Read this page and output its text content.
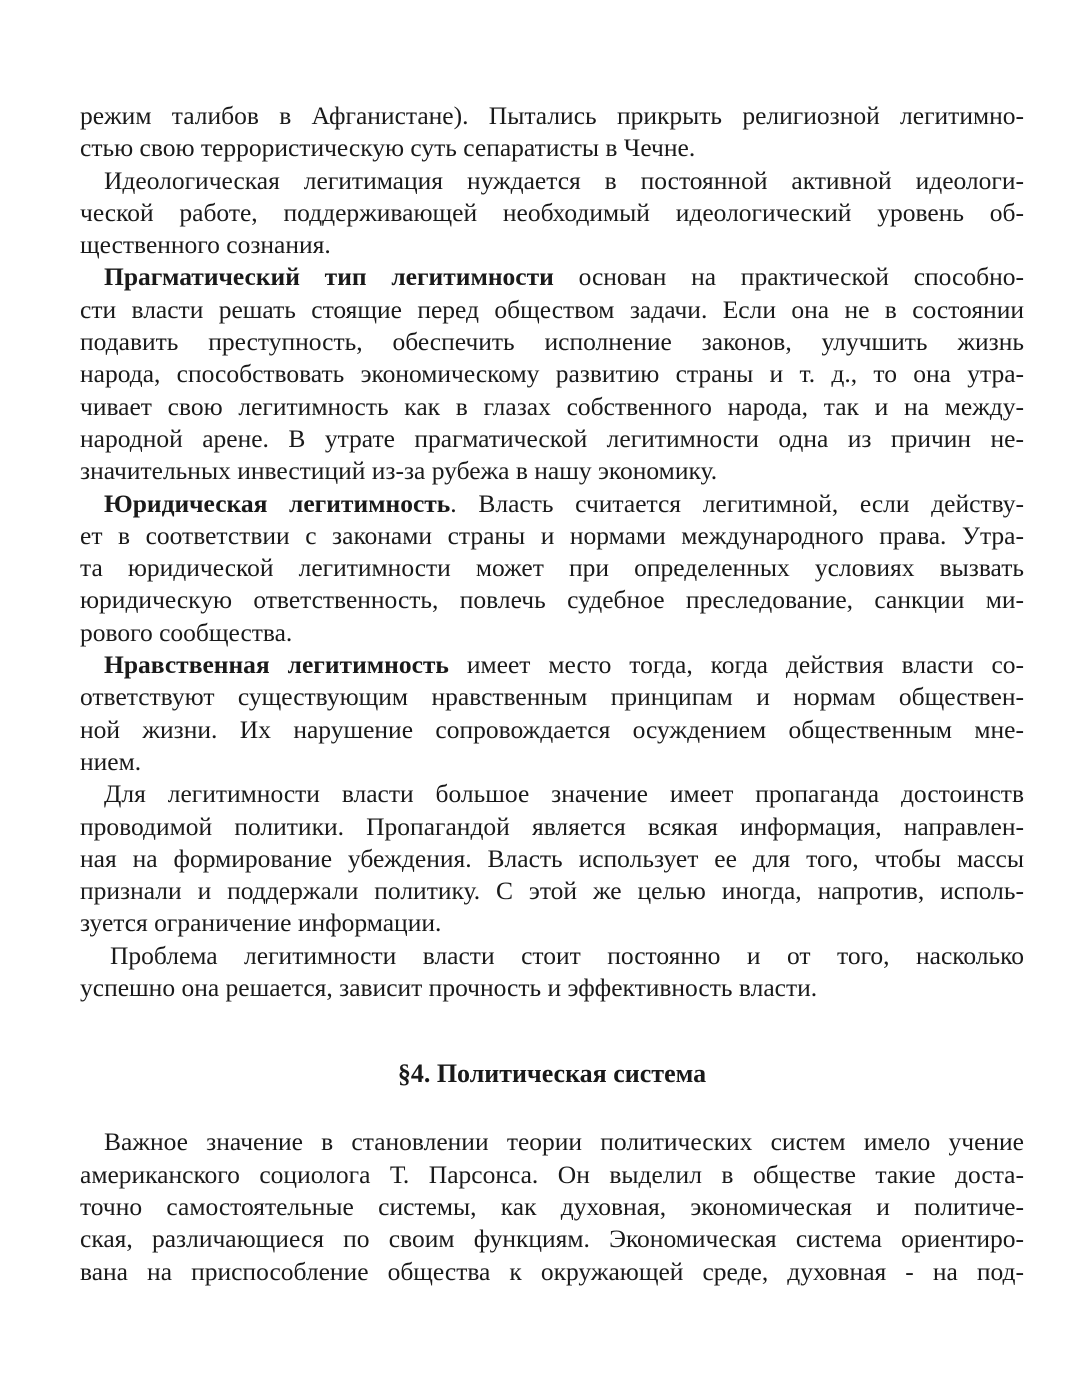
режим талибов в Афганистане). Пытались прикрыть религиозной легитимно-
стью свою террористическую суть сепаратисты в Чечне.
Идеологическая легитимация нуждается в постоянной активной идеологи-
ческой работе, поддерживающей необходимый идеологический уровень об-
щественного сознания.
Прагматический тип легитимности основан на практической способно-
сти власти решать стоящие перед обществом задачи. Если она не в состоянии
подавить преступность, обеспечить исполнение законов, улучшить жизнь
народа, способствовать экономическому развитию страны и т. д., то она утра-
чивает свою легитимность как в глазах собственного народа, так и на между-
народной арене. В утрате прагматической легитимности одна из причин не-
значительных инвестиций из-за рубежа в нашу экономику.
Юридическая легитимность. Власть считается легитимной, если действу-
ет в соответствии с законами страны и нормами международного права. Утра-
та юридической легитимности может при определенных условиях вызвать
юридическую ответственность, повлечь судебное преследование, санкции ми-
рового сообщества.
Нравственная легитимность имеет место тогда, когда действия власти со-
ответствуют существующим нравственным принципам и нормам обществен-
ной жизни. Их нарушение сопровождается осуждением общественным мне-
нием.
Для легитимности власти большое значение имеет пропаганда достоинств
проводимой политики. Пропагандой является всякая информация, направлен-
ная на формирование убеждения. Власть использует ее для того, чтобы массы
признали и поддержали политику. С этой же целью иногда, напротив, исполь-
зуется ограничение информации.
Проблема легитимности власти стоит постоянно и от того, насколько
успешно она решается, зависит прочность и эффективность власти.
§4. Политическая система
Важное значение в становлении теории политических систем имело учение
американского социолога Т. Парсонса. Он выделил в обществе такие доста-
точно самостоятельные системы, как духовная, экономическая и политиче-
ская, различающиеся по своим функциям. Экономическая система ориентиро-
вана на приспособление общества к окружающей среде, духовная - на под-
